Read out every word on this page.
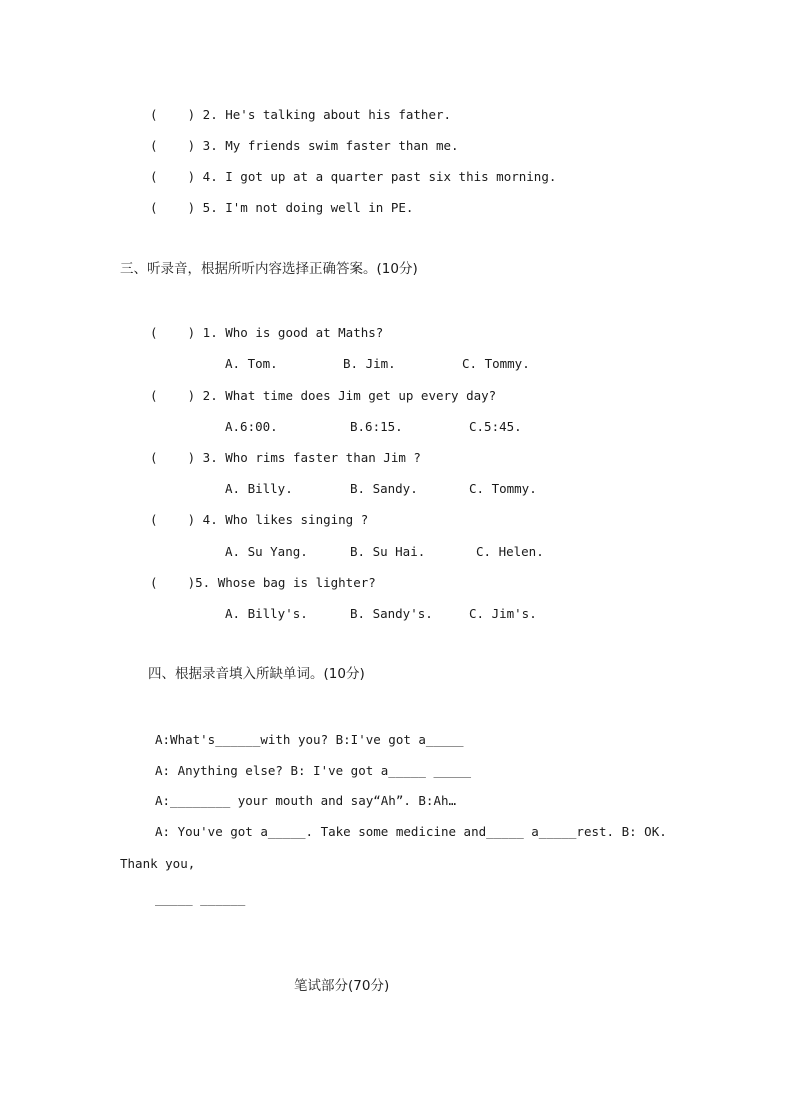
(    ) 2. He's talking about his father.
(    ) 3. My friends swim faster than me.
(    ) 4. I got up at a quarter past six this morning.
(    ) 5. I'm not doing well in PE.
三、听录音，根据所听内容选择正确答案。(10分)
(    ) 1. Who is good at Maths?
A. Tom.	B. Jim.	C. Tommy.
(    ) 2. What time does Jim get up every day?
A.6:00.	B.6:15.	C.5:45.
(    ) 3. Who rims faster than Jim ?
A. Billy.	B. Sandy.	C. Tommy.
(    ) 4. Who likes singing ?
A. Su Yang.	B. Su Hai.	C. Helen.
(    )5. Whose bag is lighter?
A. Billy's.	B. Sandy's.	C. Jim's.
四、根据录音填入所缺单词。(10分)
A:What's______with you? B:I've got a_____
A: Anything else? B: I've got a_____ _____
A:________ your mouth and say“Ah”. B:Ah…
A: You've got a_____. Take some medicine and_____ a_____rest. B: OK.
Thank you,
_____ ______
笔试部分(70分)
